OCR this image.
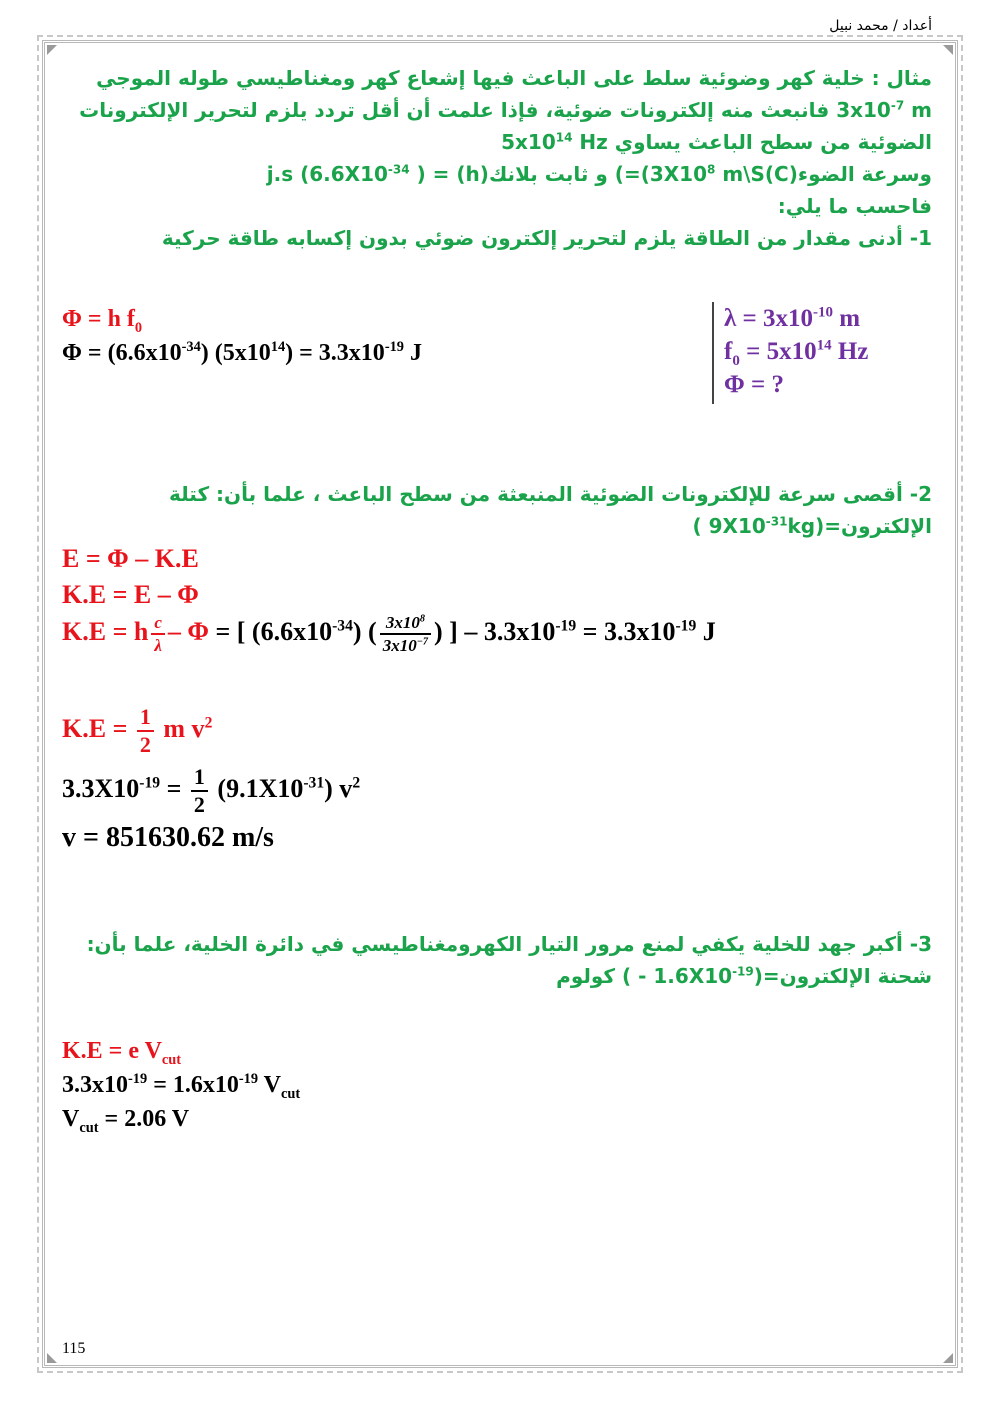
أعداد / محمد نبيل

مثال : خلية كهر وضوئية سلط على الباعث فيها إشعاع كهر ومغناطيسي طوله الموجي

$3x10^{-7}$ m فانبعث منه إلكترونات ضوئية، فإذا علمت أن أقل تردد يلزم لتحرير الإلكترونات

الضوئية من سطح الباعث يساوي $5x10^{14}$ Hz

وسرعة $الضوء(C)=(3X10^8$ m\S) و ثابت بلانك(h) = ( $6.6X10^{-34}$) j.s

فاحسب ما يلي:

1- أدنى مقدار من الطاقة يلزم لتحرير إلكترون ضوئي بدون إكسابه طاقة حركية

Φ = h $f_0$
$\Phi = (6.6x10^{-34}) (5x10^{14}) = 3.3x10^{-19}$ J
$\lambda = 3x10^{-10}$ m
$f_0 = 5x10^{14}$ Hz
Φ = ?

2- أقصى سرعة للإلكترونات الضوئية المنبعثة من سطح الباعث ، علما بأن: كتلة

$الإلكترون=(9X10^{-31}kg$ )

E = Φ – K.E
K.E = E – Φ
K.E = h $\frac{c}{\lambda}$ – Φ = [ $(6.6x10^{-34})$ ( $\frac{3x10^8}{3x10^{-7}}$ ) ] – $3.3x10^{-19} = 3.3x10^{-19}$ J
$K.E = \frac{1}{2}$ m $v^2$
$3.3X10^{-19} = \frac{1}{2} (9.1X10^{-31})$ $v^2$
v = 851630.62 m/s

3- أكبر جهد للخلية يكفي لمنع مرور التيار الكهرومغناطيسي في دائرة الخلية، علما بأن:

شحنة الإلكترون=(- $1.6X10^{-19}$ ) كولوم

K.E = e $V_{cut}$
$3.3x10^{-19} = 1.6x10^{-19}$ $V_{cut}$
$V_{cut} = 2.06$ V
115
